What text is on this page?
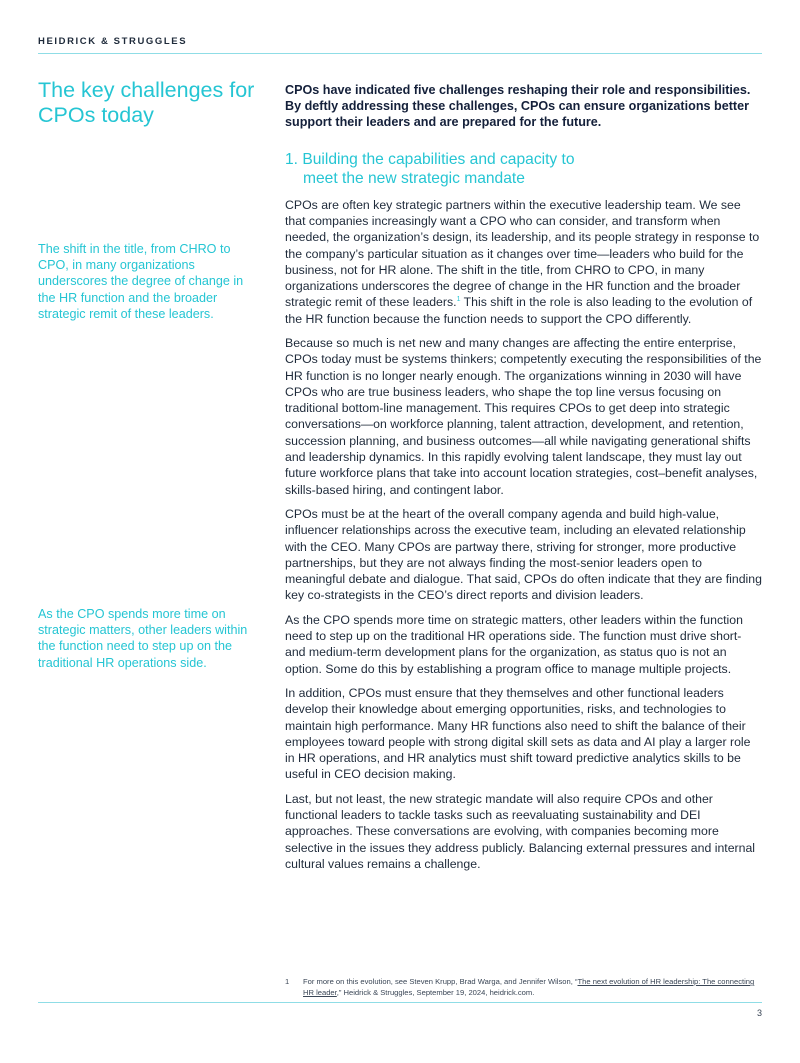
HEIDRICK & STRUGGLES
The key challenges for CPOs today

The shift in the title, from CHRO to CPO, in many organizations underscores the degree of change in the HR function and the broader strategic remit of these leaders.

As the CPO spends more time on strategic matters, other leaders within the function need to step up on the traditional HR operations side.

CPOs have indicated five challenges reshaping their role and responsibilities. By deftly addressing these challenges, CPOs can ensure organizations better support their leaders and are prepared for the future.

1. Building the capabilities and capacity to
meet the new strategic mandate

CPOs are often key strategic partners within the executive leadership team. We see that companies increasingly want a CPO who can consider, and transform when needed, the organization’s design, its leadership, and its people strategy in response to the company’s particular situation as it changes over time—leaders who build for the business, not for HR alone. The shift in the title, from CHRO to CPO, in many organizations underscores the degree of change in the HR function and the broader strategic remit of these leaders.$^1$ This shift in the role is also leading to the evolution of the HR function because the function needs to support the CPO differently.

Because so much is net new and many changes are affecting the entire enterprise, CPOs today must be systems thinkers; competently executing the responsibilities of the HR function is no longer nearly enough. The organizations winning in 2030 will have CPOs who are true business leaders, who shape the top line versus focusing on traditional bottom-line management. This requires CPOs to get deep into strategic conversations—on workforce planning, talent attraction, development, and retention, succession planning, and business outcomes—all while navigating generational shifts and leadership dynamics. In this rapidly evolving talent landscape, they must lay out future workforce plans that take into account location strategies, cost–benefit analyses, skills-based hiring, and contingent labor.

CPOs must be at the heart of the overall company agenda and build high-value, influencer relationships across the executive team, including an elevated relationship with the CEO. Many CPOs are partway there, striving for stronger, more productive partnerships, but they are not always finding the most-senior leaders open to meaningful debate and dialogue. That said, CPOs do often indicate that they are finding key co-strategists in the CEO’s direct reports and division leaders.

As the CPO spends more time on strategic matters, other leaders within the function need to step up on the traditional HR operations side. The function must drive short- and medium-term development plans for the organization, as status quo is not an option. Some do this by establishing a program office to manage multiple projects.

In addition, CPOs must ensure that they themselves and other functional leaders develop their knowledge about emerging opportunities, risks, and technologies to maintain high performance. Many HR functions also need to shift the balance of their employees toward people with strong digital skill sets as data and AI play a larger role in HR operations, and HR analytics must shift toward predictive analytics skills to be useful in CEO decision making.

Last, but not least, the new strategic mandate will also require CPOs and other functional leaders to tackle tasks such as reevaluating sustainability and DEI approaches. These conversations are evolving, with companies becoming more selective in the issues they address publicly. Balancing external pressures and internal cultural values remains a challenge.

1	For more on this evolution, see Steven Krupp, Brad Warga, and Jennifer Wilson, “The next evolution of HR leadership: The connecting HR leader,” Heidrick & Struggles, September 19, 2024, heidrick.com.
3
